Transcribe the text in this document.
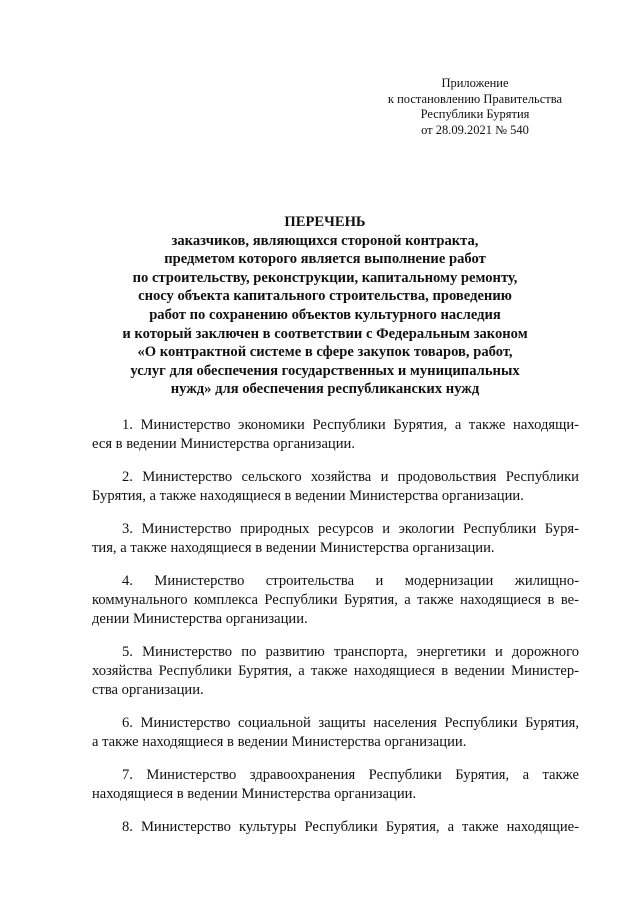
Приложение
к постановлению Правительства
Республики Бурятия
от 28.09.2021 № 540
ПЕРЕЧЕНЬ
заказчиков, являющихся стороной контракта,
предметом которого является выполнение работ
по строительству, реконструкции, капитальному ремонту,
сносу объекта капитального строительства, проведению
работ по сохранению объектов культурного наследия
и который заключен в соответствии с Федеральным законом
«О контрактной системе в сфере закупок товаров, работ,
услуг для обеспечения государственных и муниципальных
нужд» для обеспечения республиканских нужд
1. Министерство экономики Республики Бурятия, а также находящи-
еся в ведении Министерства организации.
2. Министерство сельского хозяйства и продовольствия Республики
Бурятия, а также находящиеся в ведении Министерства организации.
3. Министерство природных ресурсов и экологии Республики Буря-
тия, а также находящиеся в ведении Министерства организации.
4. Министерство строительства и модернизации жилищно-
коммунального комплекса Республики Бурятия, а также находящиеся в ве-
дении Министерства организации.
5. Министерство по развитию транспорта, энергетики и дорожного
хозяйства Республики Бурятия, а также находящиеся в ведении Министер-
ства организации.
6. Министерство социальной защиты населения Республики Бурятия,
а также находящиеся в ведении Министерства организации.
7. Министерство здравоохранения Республики Бурятия, а также
находящиеся в ведении Министерства организации.
8. Министерство культуры Республики Бурятия, а также находящие-
